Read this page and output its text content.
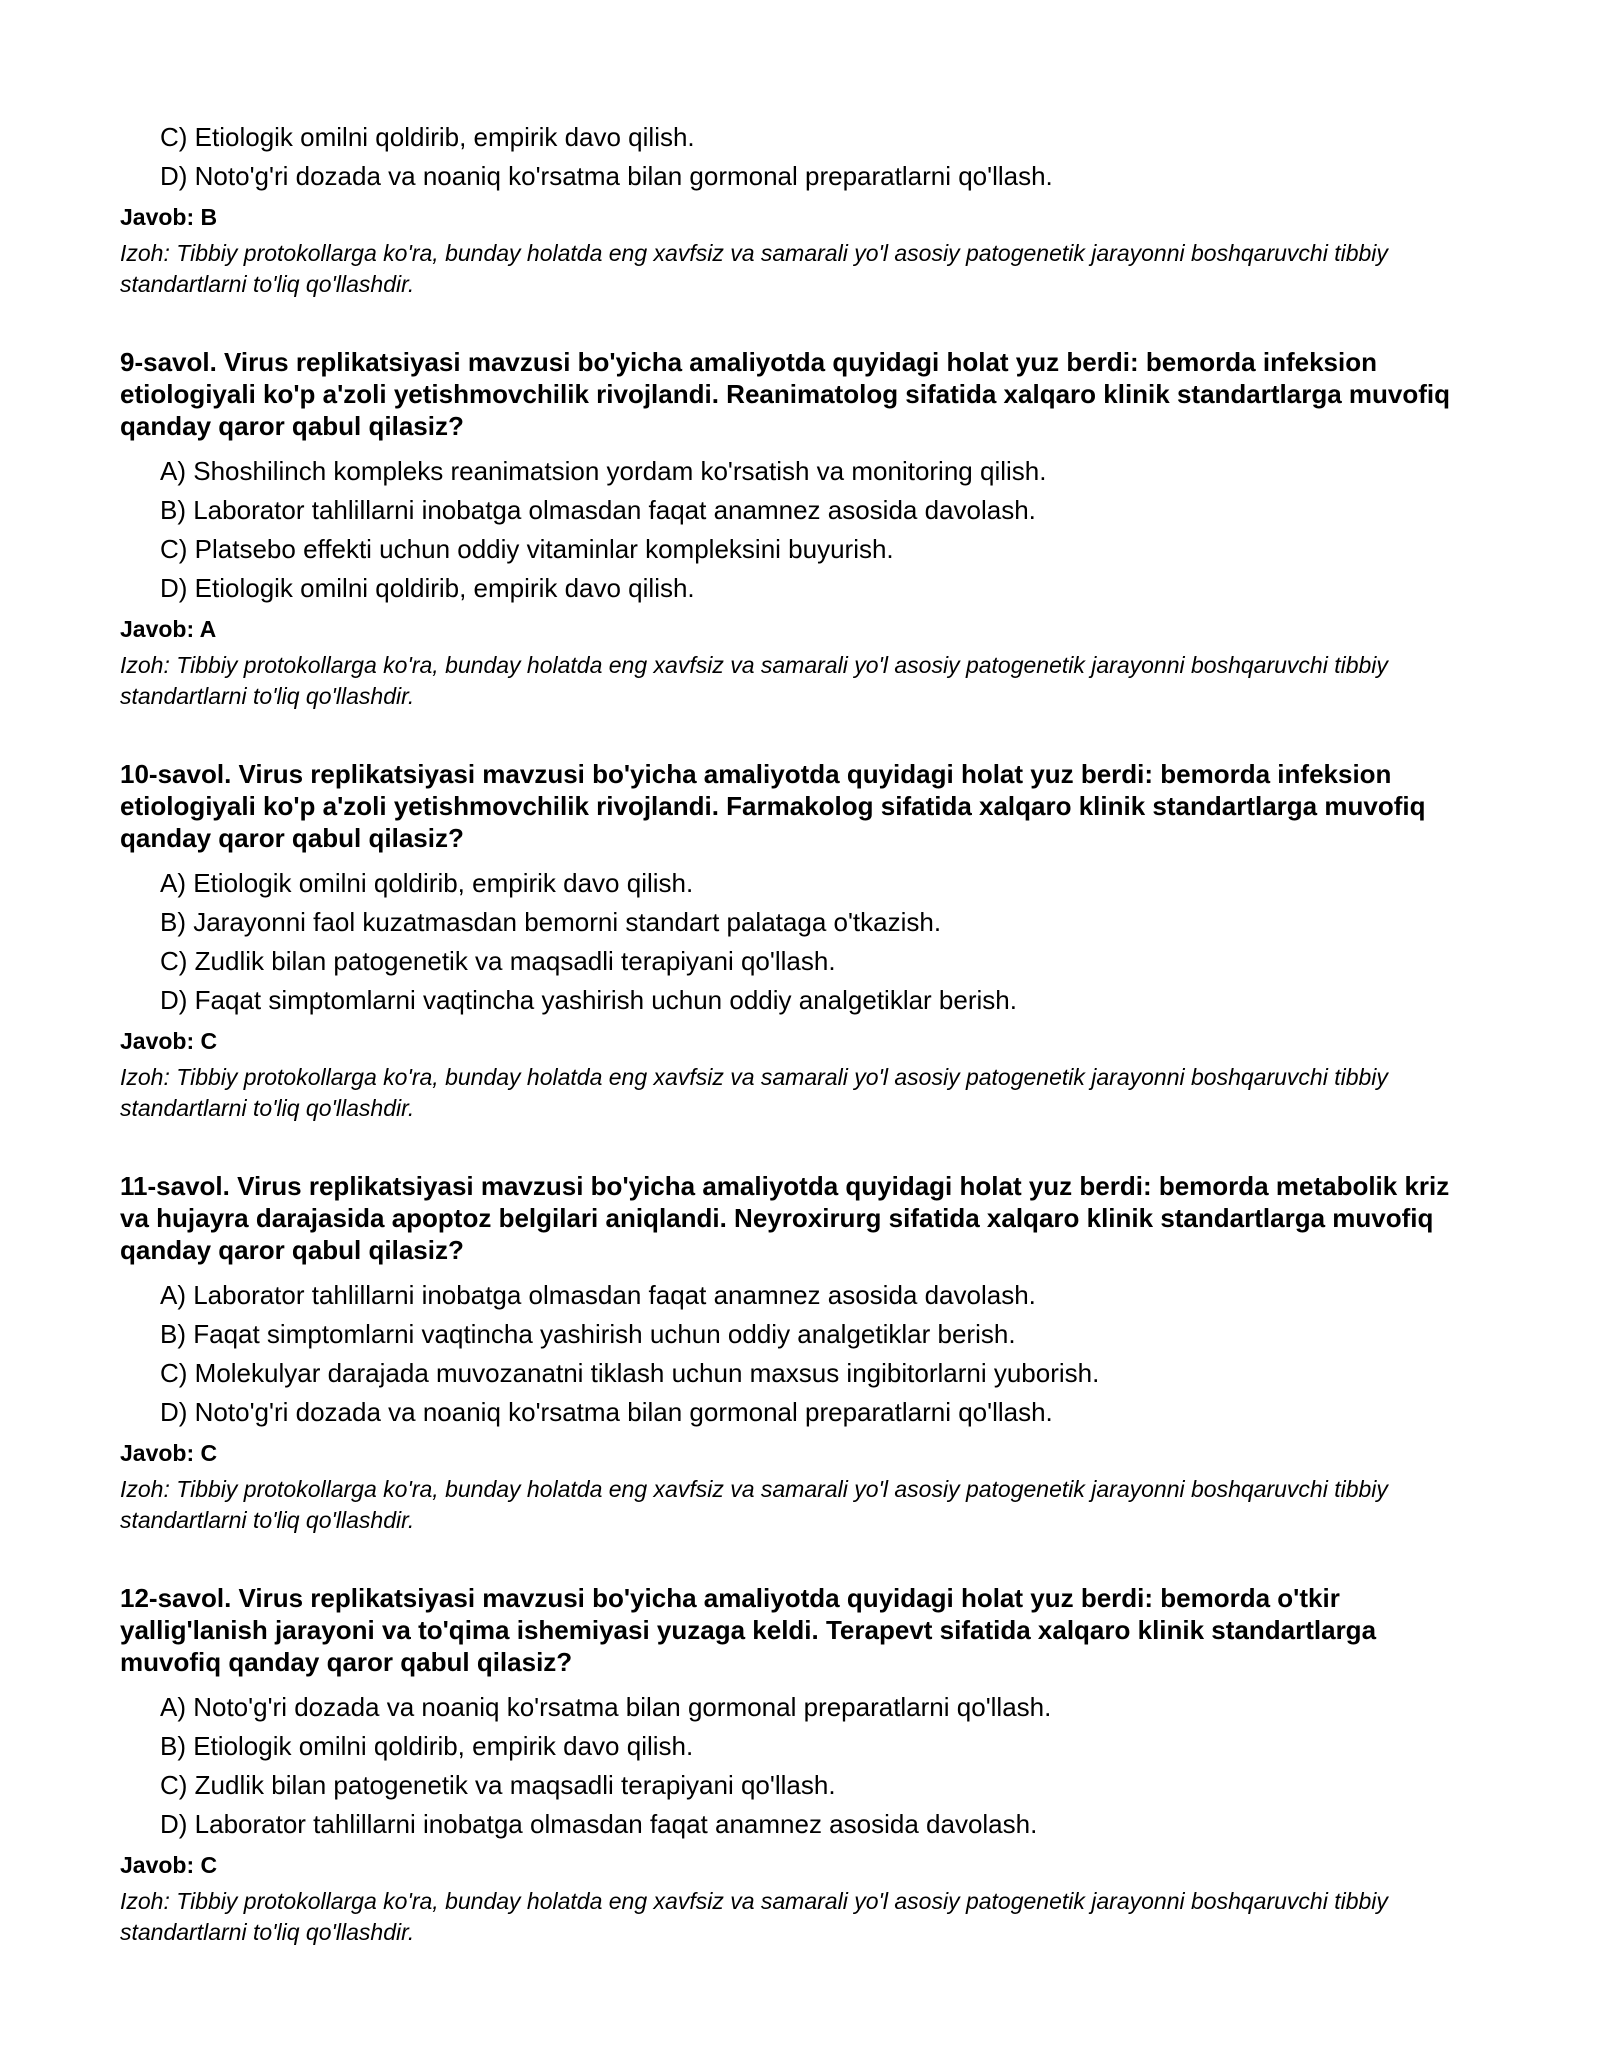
C) Etiologik omilni qoldirib, empirik davo qilish.
D) Noto'g'ri dozada va noaniq ko'rsatma bilan gormonal preparatlarni qo'llash.
Javob: B
Izoh: Tibbiy protokollarga ko'ra, bunday holatda eng xavfsiz va samarali yo'l asosiy patogenetik jarayonni boshqaruvchi tibbiy standartlarni to'liq qo'llashdir.
9-savol. Virus replikatsiyasi mavzusi bo'yicha amaliyotda quyidagi holat yuz berdi: bemorda infeksion etiologiyali ko'p a'zoli yetishmovchilik rivojlandi. Reanimatolog sifatida xalqaro klinik standartlarga muvofiq qanday qaror qabul qilasiz?
A) Shoshilinch kompleks reanimatsion yordam ko'rsatish va monitoring qilish.
B) Laborator tahlillarni inobatga olmasdan faqat anamnez asosida davolash.
C) Platsebo effekti uchun oddiy vitaminlar kompleksini buyurish.
D) Etiologik omilni qoldirib, empirik davo qilish.
Javob: A
Izoh: Tibbiy protokollarga ko'ra, bunday holatda eng xavfsiz va samarali yo'l asosiy patogenetik jarayonni boshqaruvchi tibbiy standartlarni to'liq qo'llashdir.
10-savol. Virus replikatsiyasi mavzusi bo'yicha amaliyotda quyidagi holat yuz berdi: bemorda infeksion etiologiyali ko'p a'zoli yetishmovchilik rivojlandi. Farmakolog sifatida xalqaro klinik standartlarga muvofiq qanday qaror qabul qilasiz?
A) Etiologik omilni qoldirib, empirik davo qilish.
B) Jarayonni faol kuzatmasdan bemorni standart palataga o'tkazish.
C) Zudlik bilan patogenetik va maqsadli terapiyani qo'llash.
D) Faqat simptomlarni vaqtincha yashirish uchun oddiy analgetiklar berish.
Javob: C
Izoh: Tibbiy protokollarga ko'ra, bunday holatda eng xavfsiz va samarali yo'l asosiy patogenetik jarayonni boshqaruvchi tibbiy standartlarni to'liq qo'llashdir.
11-savol. Virus replikatsiyasi mavzusi bo'yicha amaliyotda quyidagi holat yuz berdi: bemorda metabolik kriz va hujayra darajasida apoptoz belgilari aniqlandi. Neyroxirurg sifatida xalqaro klinik standartlarga muvofiq qanday qaror qabul qilasiz?
A) Laborator tahlillarni inobatga olmasdan faqat anamnez asosida davolash.
B) Faqat simptomlarni vaqtincha yashirish uchun oddiy analgetiklar berish.
C) Molekulyar darajada muvozanatni tiklash uchun maxsus ingibitorlarni yuborish.
D) Noto'g'ri dozada va noaniq ko'rsatma bilan gormonal preparatlarni qo'llash.
Javob: C
Izoh: Tibbiy protokollarga ko'ra, bunday holatda eng xavfsiz va samarali yo'l asosiy patogenetik jarayonni boshqaruvchi tibbiy standartlarni to'liq qo'llashdir.
12-savol. Virus replikatsiyasi mavzusi bo'yicha amaliyotda quyidagi holat yuz berdi: bemorda o'tkir yallig'lanish jarayoni va to'qima ishemiyasi yuzaga keldi. Terapevt sifatida xalqaro klinik standartlarga muvofiq qanday qaror qabul qilasiz?
A) Noto'g'ri dozada va noaniq ko'rsatma bilan gormonal preparatlarni qo'llash.
B) Etiologik omilni qoldirib, empirik davo qilish.
C) Zudlik bilan patogenetik va maqsadli terapiyani qo'llash.
D) Laborator tahlillarni inobatga olmasdan faqat anamnez asosida davolash.
Javob: C
Izoh: Tibbiy protokollarga ko'ra, bunday holatda eng xavfsiz va samarali yo'l asosiy patogenetik jarayonni boshqaruvchi tibbiy standartlarni to'liq qo'llashdir.
